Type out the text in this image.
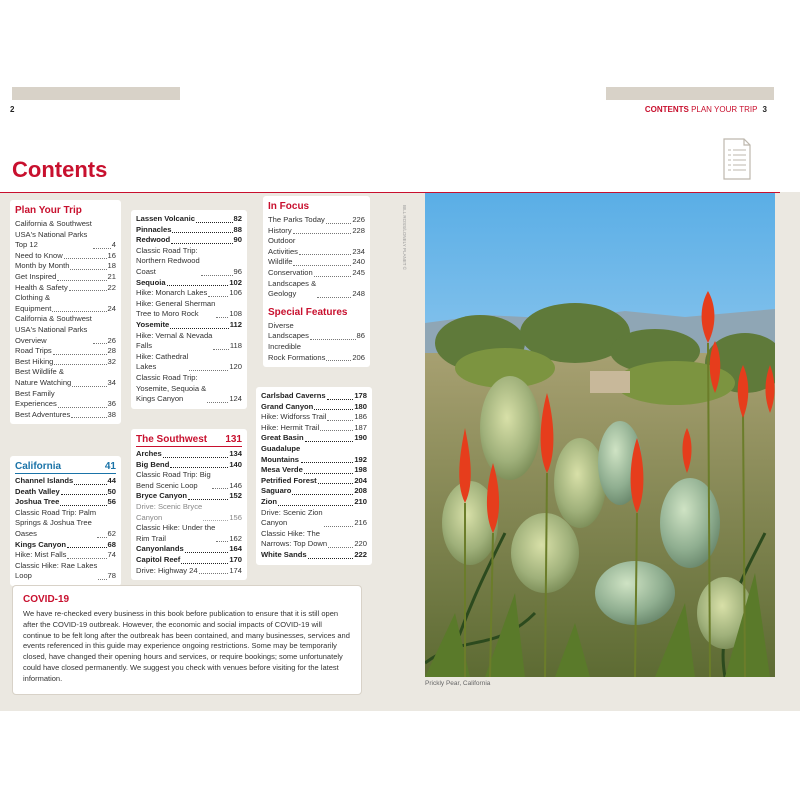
2	CONTENTS PLAN YOUR TRIP 3
Contents
Plan Your Trip
California & Southwest
USA's National Parks
Top 12	4
Need to Know	16
Month by Month	18
Get Inspired	21
Health & Safety	22
Clothing &
Equipment	24
California & Southwest
USA's National Parks
Overview	26
Road Trips	28
Best Hiking	32
Best Wildlife &
Nature Watching	34
Best Family
Experiences	36
Best Adventures	38
California	41
Channel Islands	44
Death Valley	50
Joshua Tree	56
Classic Road Trip: Palm
Springs & Joshua Tree
Oases	62
Kings Canyon	68
Hike: Mist Falls	74
Classic Hike: Rae Lakes
Loop	78
Lassen Volcanic	82
Pinnacles	88
Redwood	90
Classic Road Trip:
Northern Redwood
Coast	96
Sequoia	102
Hike: Monarch Lakes	106
Hike: General Sherman
Tree to Moro Rock	108
Yosemite	112
Hike: Vernal & Nevada
Falls	118
Hike: Cathedral
Lakes	120
Classic Road Trip:
Yosemite, Sequoia &
Kings Canyon	124
The Southwest 131
Arches	134
Big Bend	140
Classic Road Trip: Big
Bend Scenic Loop	146
Bryce Canyon	152
Drive: Scenic Bryce
Canyon	156
Classic Hike: Under the
Rim Trail	162
Canyonlands	164
Capitol Reef	170
Drive: Highway 24	174
In Focus
The Parks Today	226
History	228
Outdoor
Activities	234
Wildlife	240
Conservation	245
Landscapes &
Geology	248
Special Features
Diverse
Landscapes	86
Incredible
Rock Formations	206
Carlsbad Caverns	178
Grand Canyon	180
Hike: Widforss Trail	186
Hike: Hermit Trail	187
Great Basin	190
Guadalupe
Mountains	192
Mesa Verde	198
Petrified Forest	204
Saguaro	208
Zion	210
Drive: Scenic Zion
Canyon	216
Classic Hike: The
Narrows: Top Down	220
White Sands	222
COVID-19
We have re-checked every business in this book before publication to ensure that it is still open after the COVID-19 outbreak. However, the economic and social impacts of COVID-19 will continue to be felt long after the outbreak has been contained, and many businesses, services and events referenced in this guide may experience ongoing restrictions. Some may be temporarily closed, have changed their opening hours and services, or require bookings; some unfortunately could have closed permanently. We suggest you check with venues before visiting for the latest information.
BILL ROSS/LONELY PLANET ©
Prickly Pear, California
